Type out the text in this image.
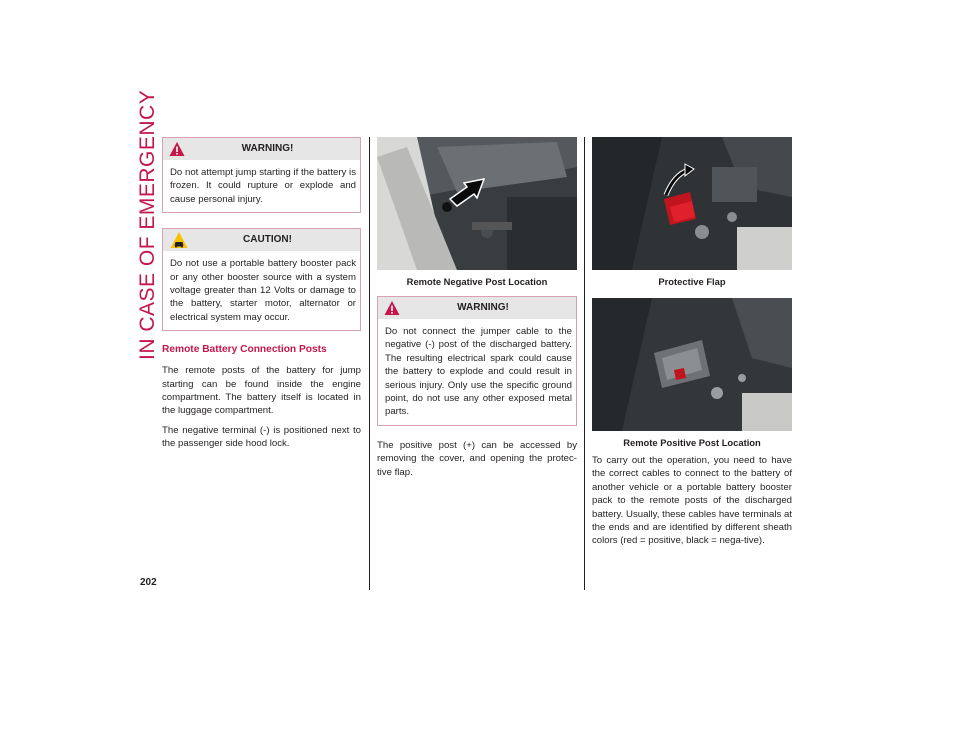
IN CASE OF EMERGENCY
202
WARNING!
Do not attempt jump starting if the battery is frozen. It could rupture or explode and cause personal injury.
CAUTION!
Do not use a portable battery booster pack or any other booster source with a system voltage greater than 12 Volts or damage to the battery, starter motor, alternator or electrical system may occur.
Remote Battery Connection Posts

The remote posts of the battery for jump starting can be found inside the engine compartment. The battery itself is located in the luggage compartment.

The negative terminal (-) is positioned next to the passenger side hood lock.

Remote Negative Post Location
WARNING!
Do not connect the jumper cable to the negative (-) post of the discharged battery. The resulting electrical spark could cause the battery to explode and could result in serious injury. Only use the specific ground point, do not use any other exposed metal parts.

The positive post (+) can be accessed by removing the cover, and opening the protec-tive flap.

Protective Flap
Remote Positive Post Location

To carry out the operation, you need to have the correct cables to connect to the battery of another vehicle or a portable battery booster pack to the remote posts of the discharged battery. Usually, these cables have terminals at the ends and are identified by different sheath colors (red = positive, black = nega-tive).
